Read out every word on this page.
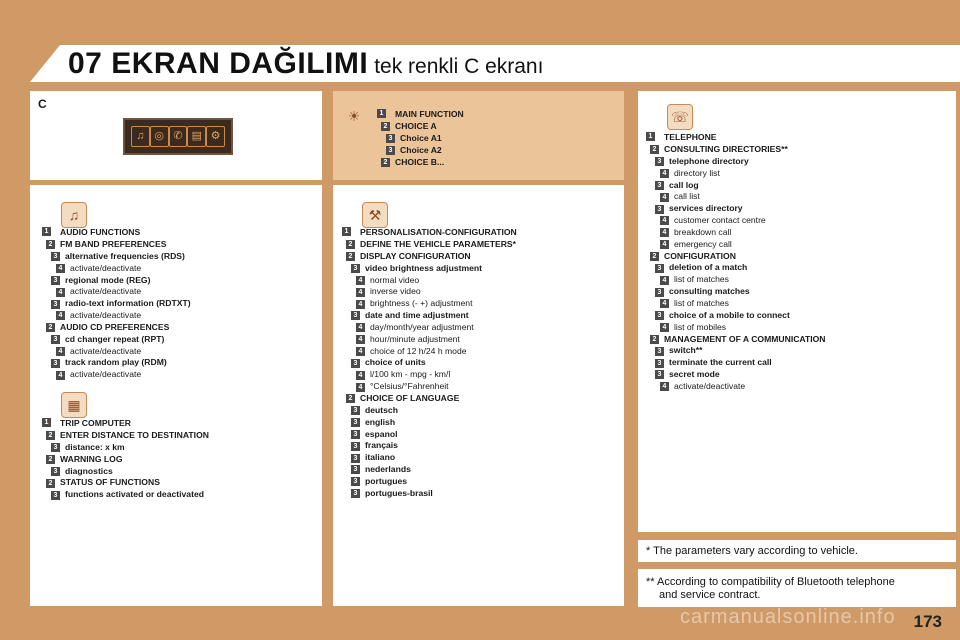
07 EKRAN DAĞILIMI tek renkli C ekranı
C
♫ ◎ ✆ ▤ ⚙
☀
♫
▦
⚒
☏
1 MAIN FUNCTION
2 CHOICE A
3 Choice A1
3 Choice A2
2 CHOICE B...
1 AUDIO FUNCTIONS
2 FM BAND PREFERENCES
3 alternative frequencies (RDS)
4 activate/deactivate
3 regional mode (REG)
4 activate/deactivate
3 radio-text information (RDTXT)
4 activate/deactivate
2 AUDIO CD PREFERENCES
3 cd changer repeat (RPT)
4 activate/deactivate
3 track random play (RDM)
4 activate/deactivate
1 TRIP COMPUTER
2 ENTER DISTANCE TO DESTINATION
3 distance: x km
2 WARNING LOG
3 diagnostics
2 STATUS OF FUNCTIONS
3 functions activated or deactivated
1 PERSONALISATION-CONFIGURATION
2 DEFINE THE VEHICLE PARAMETERS*
2 DISPLAY CONFIGURATION
3 video brightness adjustment
4 normal video
4 inverse video
4 brightness (- +) adjustment
3 date and time adjustment
4 day/month/year adjustment
4 hour/minute adjustment
4 choice of 12 h/24 h mode
3 choice of units
4 l/100 km - mpg - km/l
4 °Celsius/°Fahrenheit
2 CHOICE OF LANGUAGE
3 deutsch
3 english
3 espanol
3 français
3 italiano
3 nederlands
3 portugues
3 portugues-brasil
1 TELEPHONE
2 CONSULTING DIRECTORIES**
3 telephone directory
4 directory list
3 call log
4 call list
3 services directory
4 customer contact centre
4 breakdown call
4 emergency call
2 CONFIGURATION
3 deletion of a match
4 list of matches
3 consulting matches
4 list of matches
3 choice of a mobile to connect
4 list of mobiles
2 MANAGEMENT OF A COMMUNICATION
3 switch**
3 terminate the current call
3 secret mode
4 activate/deactivate
* The parameters vary according to vehicle.
** According to compatibility of Bluetooth telephone
and service contract.
carmanualsonline.info 173
